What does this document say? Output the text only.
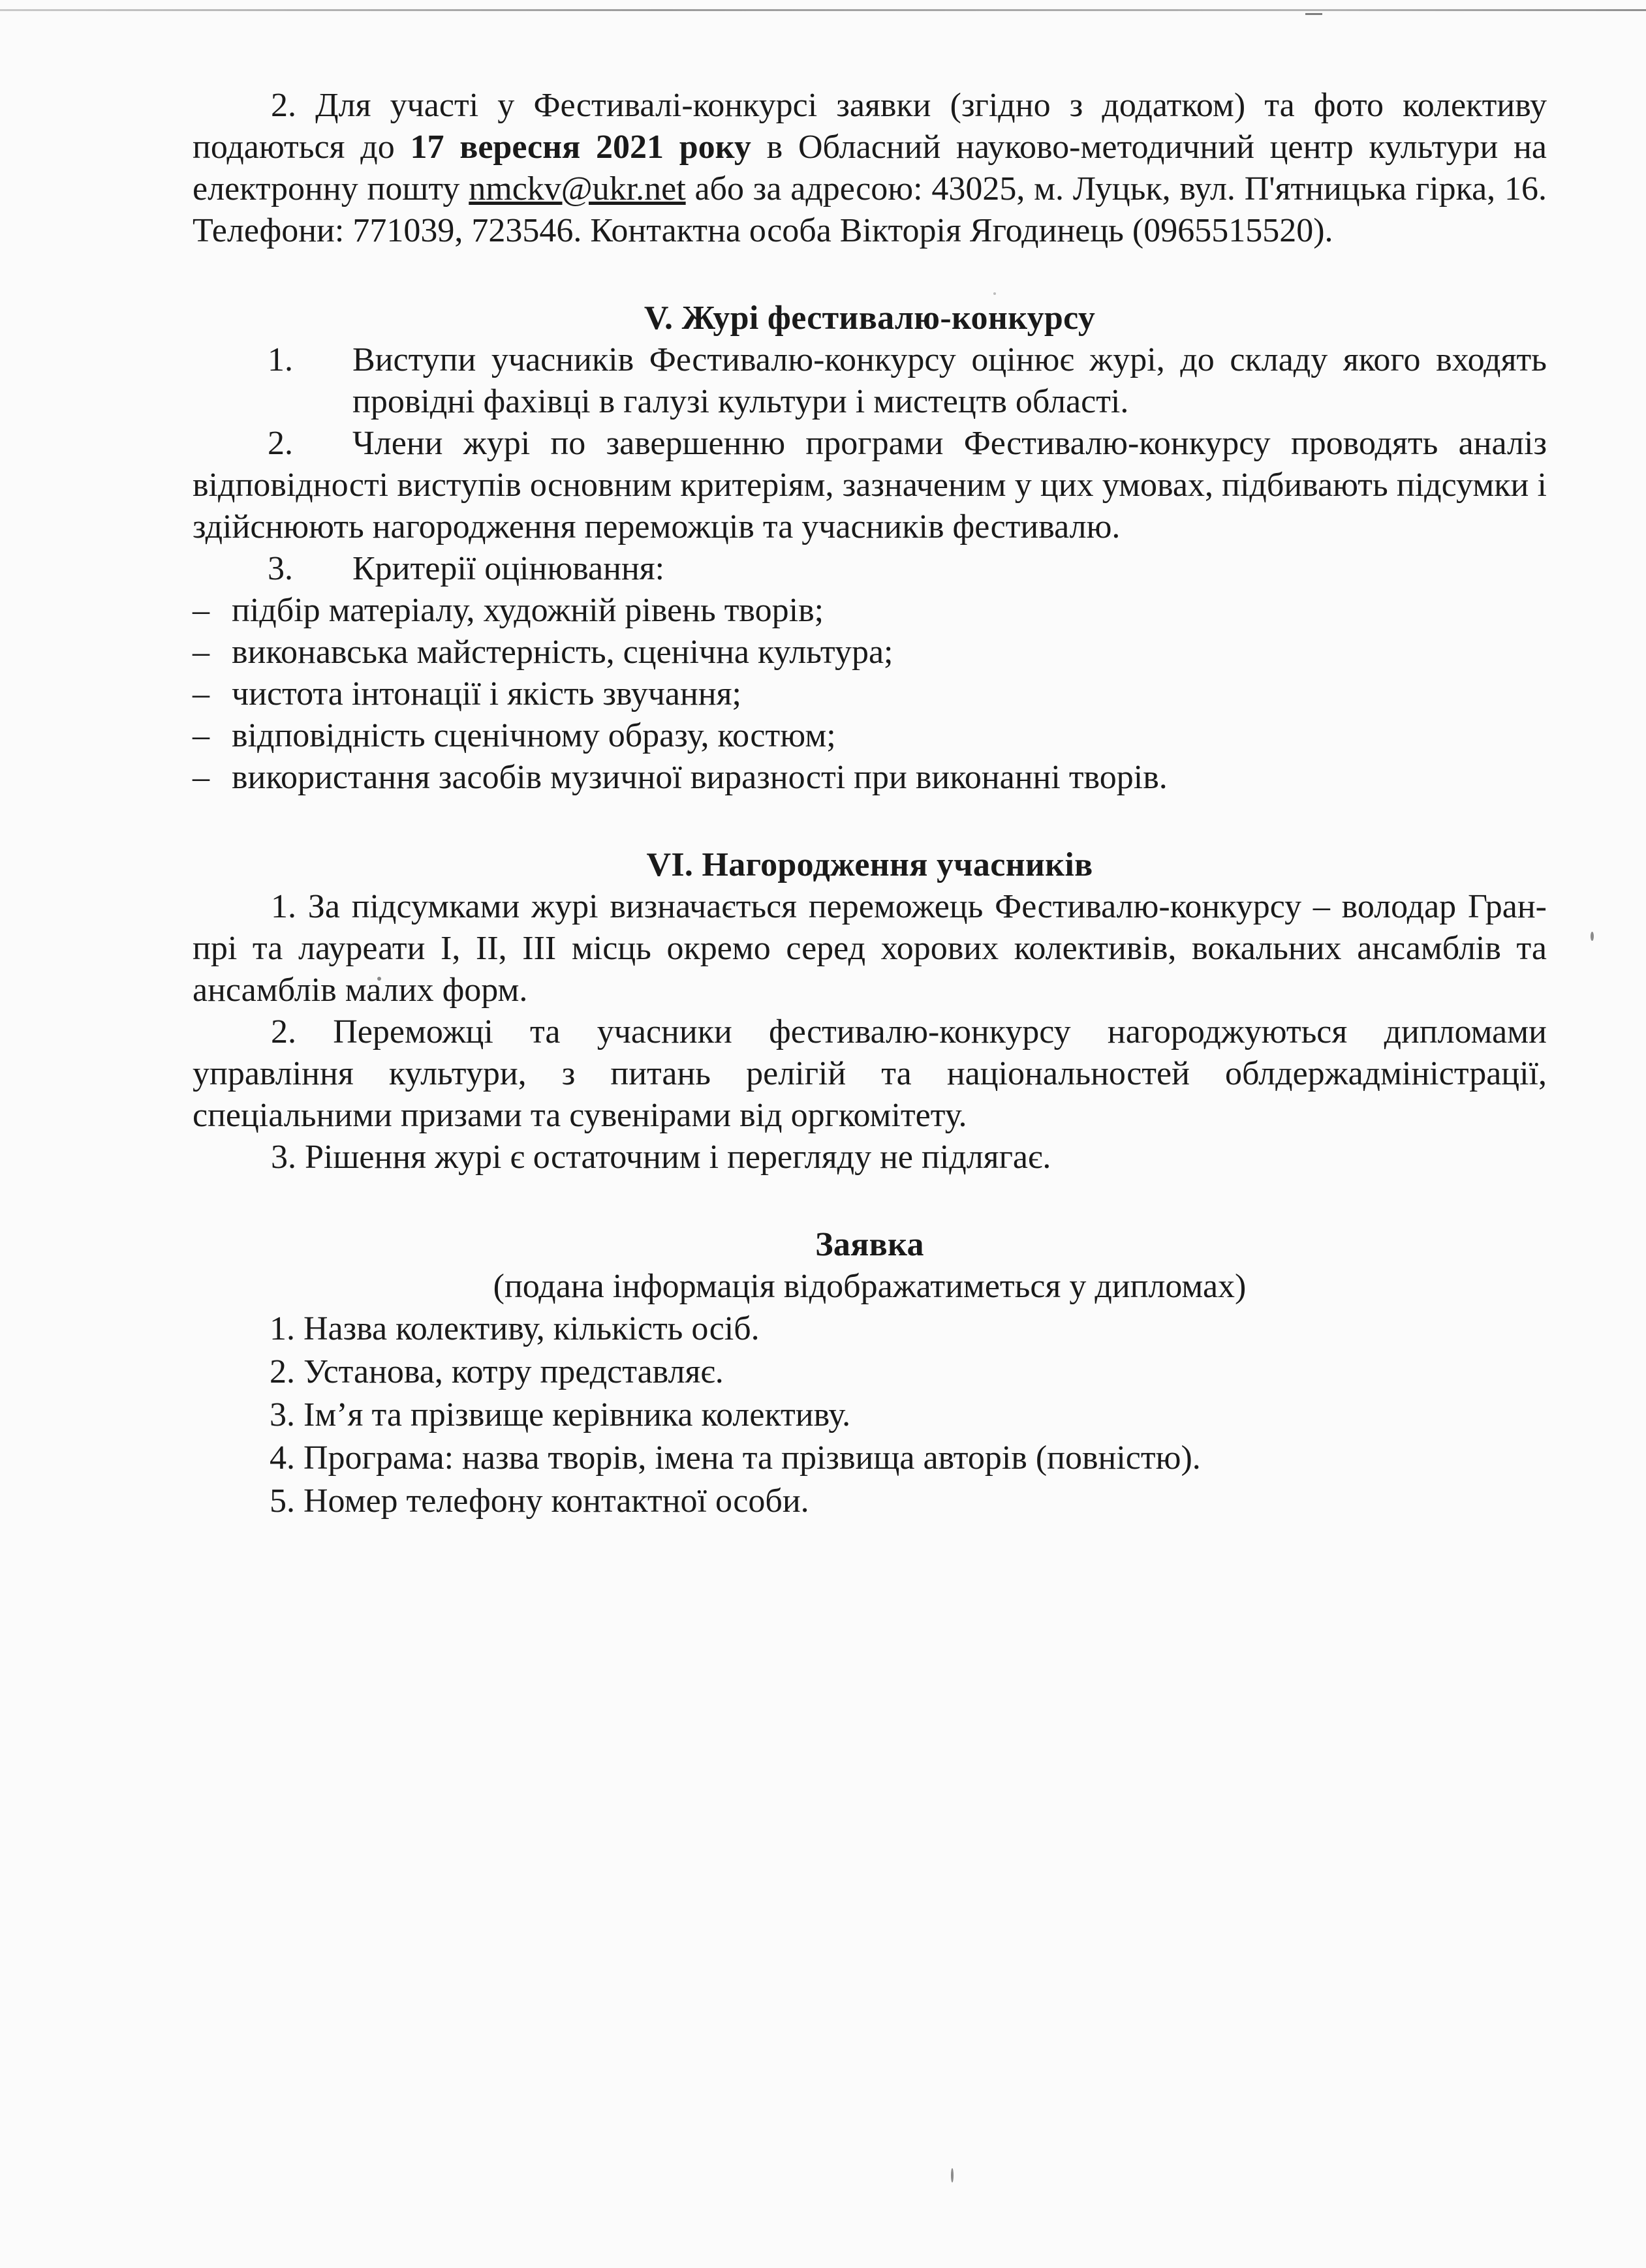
2. Для участі у Фестивалі-конкурсі заявки (згідно з додатком) та фото колективу подаються до 17 вересня 2021 року в Обласний науково-методичний центр культури на електронну пошту nmckv@ukr.net або за адресою: 43025, м. Луцьк, вул. П'ятницька гірка, 16. Телефони: 771039, 723546. Контактна особа Вікторія Ягодинець (0965515520).

V. Журі фестивалю-конкурсу

1.	Виступи учасників Фестивалю-конкурсу оцінює журі, до складу якого входять провідні фахівці в галузі культури і мистецтв області.

2. Члени журі по завершенню програми Фестивалю-конкурсу проводять аналіз відповідності виступів основним критеріям, зазначеним у цих умовах, підбивають підсумки і здійснюють нагородження переможців та учасників фестивалю.

3.	Критерії оцінювання:

– підбір матеріалу, художній рівень творів;

– виконавська майстерність, сценічна культура;

– чистота інтонації і якість звучання;

– відповідність сценічному образу, костюм;

– використання засобів музичної виразності при виконанні творів.

VI. Нагородження учасників

1. За підсумками журі визначається переможець Фестивалю-конкурсу – володар Гран-прі та лауреати І, ІІ, ІІІ місць окремо серед хорових колективів, вокальних ансамблів та ансамблів малих форм.

2. Переможці та учасники фестивалю-конкурсу нагороджуються дипломами управління культури, з питань релігій та національностей облдержадміністрації, спеціальними призами та сувенірами від оргкомітету.

3. Рішення журі є остаточним і перегляду не підлягає.

Заявка

(подана інформація відображатиметься у дипломах)

1. Назва колективу, кількість осіб.

2. Установа, котру представляє.

3. Ім’я та прізвище керівника колективу.

4. Програма: назва творів, імена та прізвища авторів (повністю).

5. Номер телефону контактної особи.
